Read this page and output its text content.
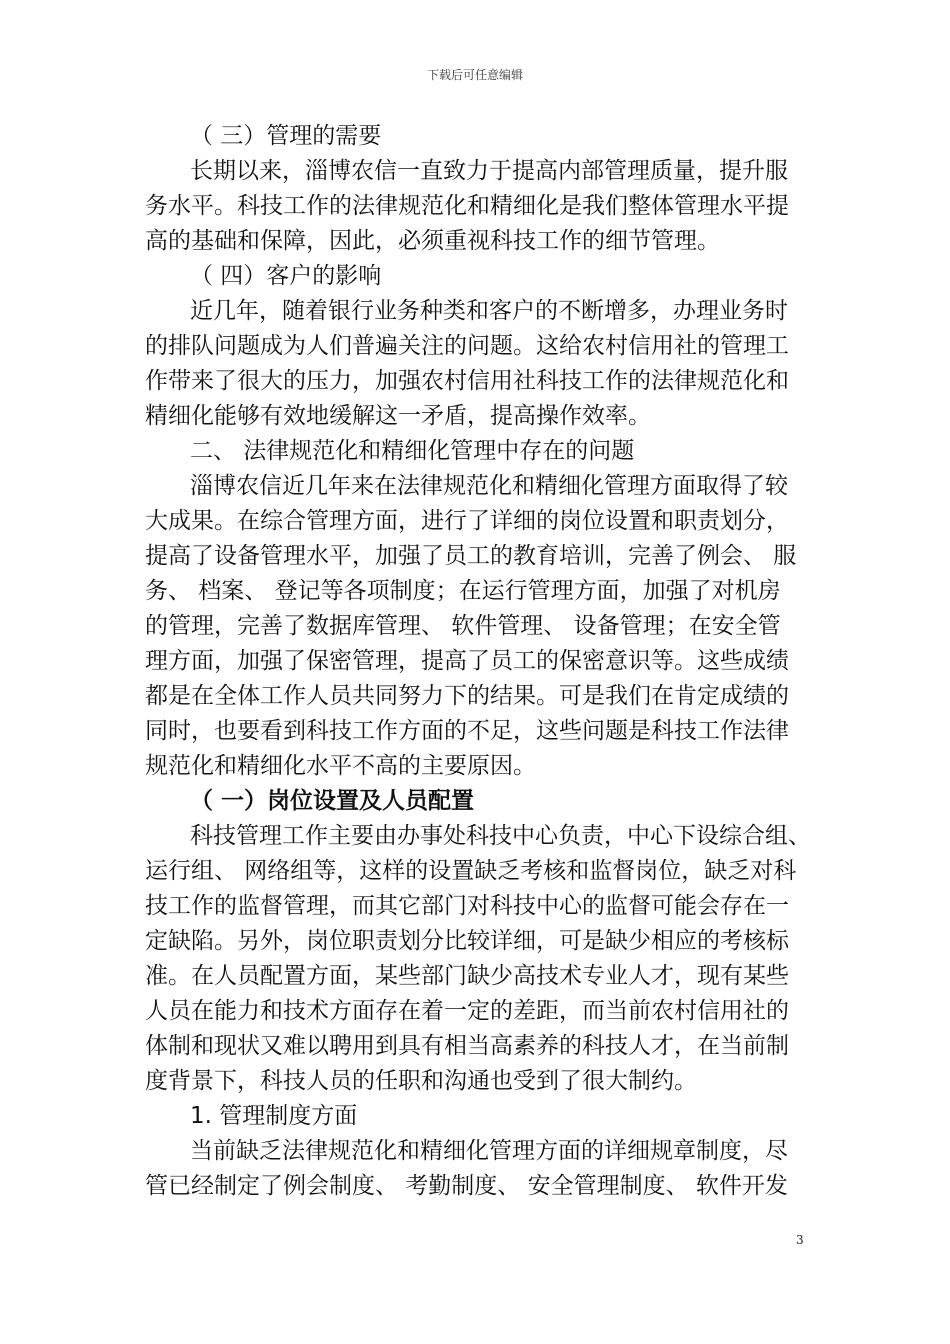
下载后可任意编辑
（ 三）管理的需要
长期以来，淄博农信一直致力于提高内部管理质量，提升服
务水平。科技工作的法律规范化和精细化是我们整体管理水平提
高的基础和保障，因此，必须重视科技工作的细节管理。
（ 四）客户的影响
近几年，随着银行业务种类和客户的不断增多，办理业务时
的排队问题成为人们普遍关注的问题。这给农村信用社的管理工
作带来了很大的压力，加强农村信用社科技工作的法律规范化和
精细化能够有效地缓解这一矛盾，提高操作效率。
二、 法律规范化和精细化管理中存在的问题
淄博农信近几年来在法律规范化和精细化管理方面取得了较
大成果。在综合管理方面，进行了详细的岗位设置和职责划分，
提高了设备管理水平，加强了员工的教育培训，完善了例会、 服
务、 档案、 登记等各项制度；在运行管理方面，加强了对机房
的管理，完善了数据库管理、 软件管理、 设备管理；在安全管
理方面，加强了保密管理，提高了员工的保密意识等。这些成绩
都是在全体工作人员共同努力下的结果。可是我们在肯定成绩的
同时，也要看到科技工作方面的不足，这些问题是科技工作法律
规范化和精细化水平不高的主要原因。
（ 一）岗位设置及人员配置
科技管理工作主要由办事处科技中心负责，中心下设综合组、
运行组、 网络组等，这样的设置缺乏考核和监督岗位，缺乏对科
技工作的监督管理，而其它部门对科技中心的监督可能会存在一
定缺陷。另外，岗位职责划分比较详细，可是缺少相应的考核标
准。在人员配置方面，某些部门缺少高技术专业人才，现有某些
人员在能力和技术方面存在着一定的差距，而当前农村信用社的
体制和现状又难以聘用到具有相当高素养的科技人才，在当前制
度背景下，科技人员的任职和沟通也受到了很大制约。
1. 管理制度方面
当前缺乏法律规范化和精细化管理方面的详细规章制度，尽
管已经制定了例会制度、 考勤制度、 安全管理制度、 软件开发
3
